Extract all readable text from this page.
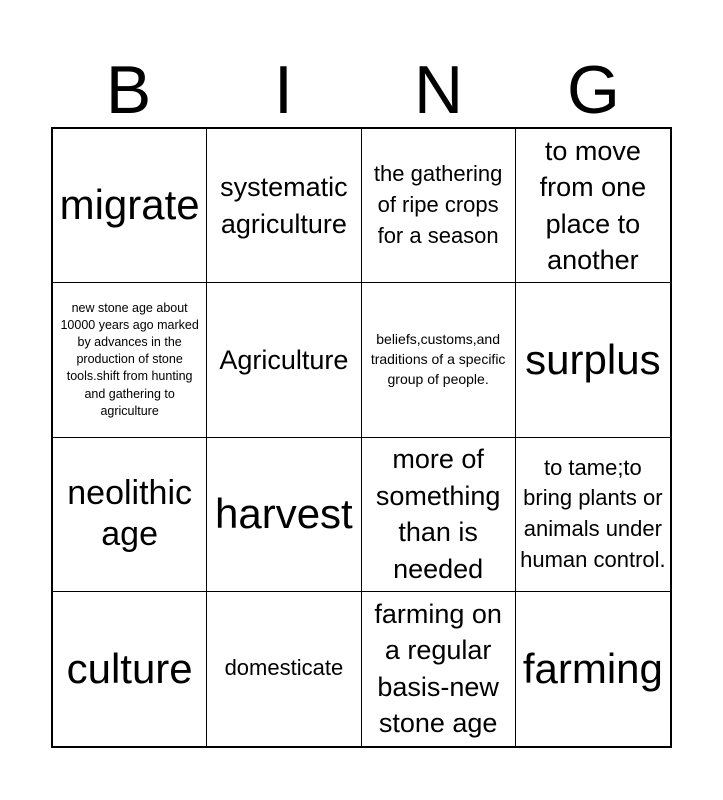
B I N G
migrate systematic agriculture
the gathering of ripe crops for a season
to move from one place to another
new stone age about 10000 years ago marked by advances in the production of stone tools.shift from hunting and gathering to agriculture
Agriculture
beliefs,customs,and traditions of a specific group of people. surplus
neolithic age	harvest
more of something than is needed
to tame;to bring plants or animals under human control.
culture domesticate
farming on a regular basis-new stone age
farming
